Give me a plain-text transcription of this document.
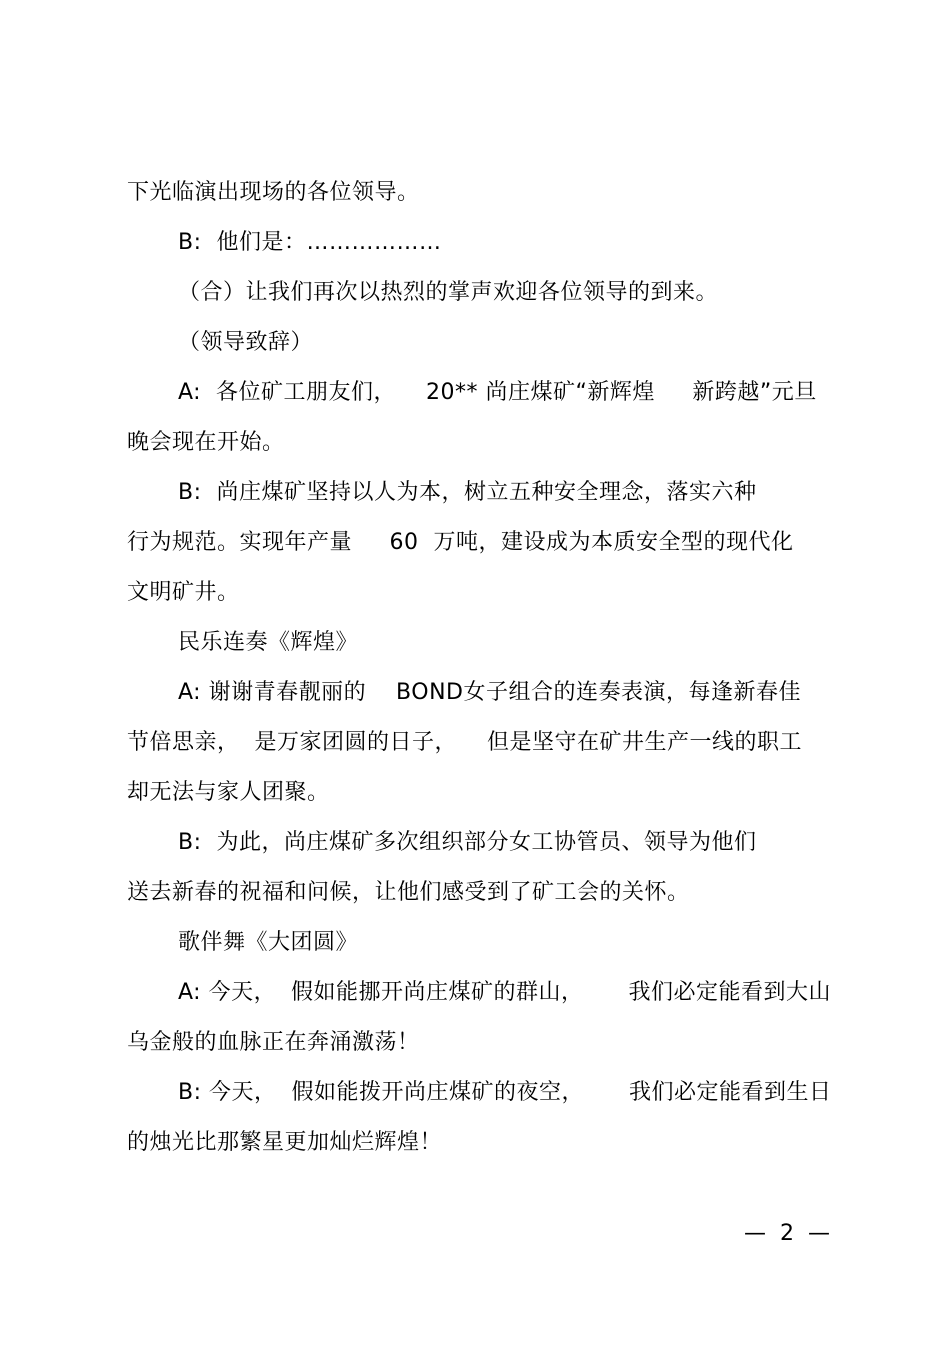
下光临演出现场的各位领导。
B:  他们是：………………
（合）让我们再次以热烈的掌声欢迎各位领导的到来。
（领导致辞）
A:  各位矿工朋友们，    20** 尚庄煤矿“新辉煌     新跨越”元旦
晚会现在开始。
B:  尚庄煤矿坚持以人为本，树立五种安全理念，落实六种
行为规范。实现年产量     60  万吨，建设成为本质安全型的现代化
文明矿井。
民乐连奏《辉煌》
A: 谢谢青春靓丽的    BOND女子组合的连奏表演，每逢新春佳
节倍思亲，  是万家团圆的日子，    但是坚守在矿井生产一线的职工
却无法与家人团聚。
B:  为此，尚庄煤矿多次组织部分女工协管员、领导为他们
送去新春的祝福和问候，让他们感受到了矿工会的关怀。
歌伴舞《大团圆》
A: 今天，  假如能挪开尚庄煤矿的群山，      我们必定能看到大山
乌金般的血脉正在奔涌激荡！
B: 今天，  假如能拨开尚庄煤矿的夜空，      我们必定能看到生日
的烛光比那繁星更加灿烂辉煌！
—  2  —
